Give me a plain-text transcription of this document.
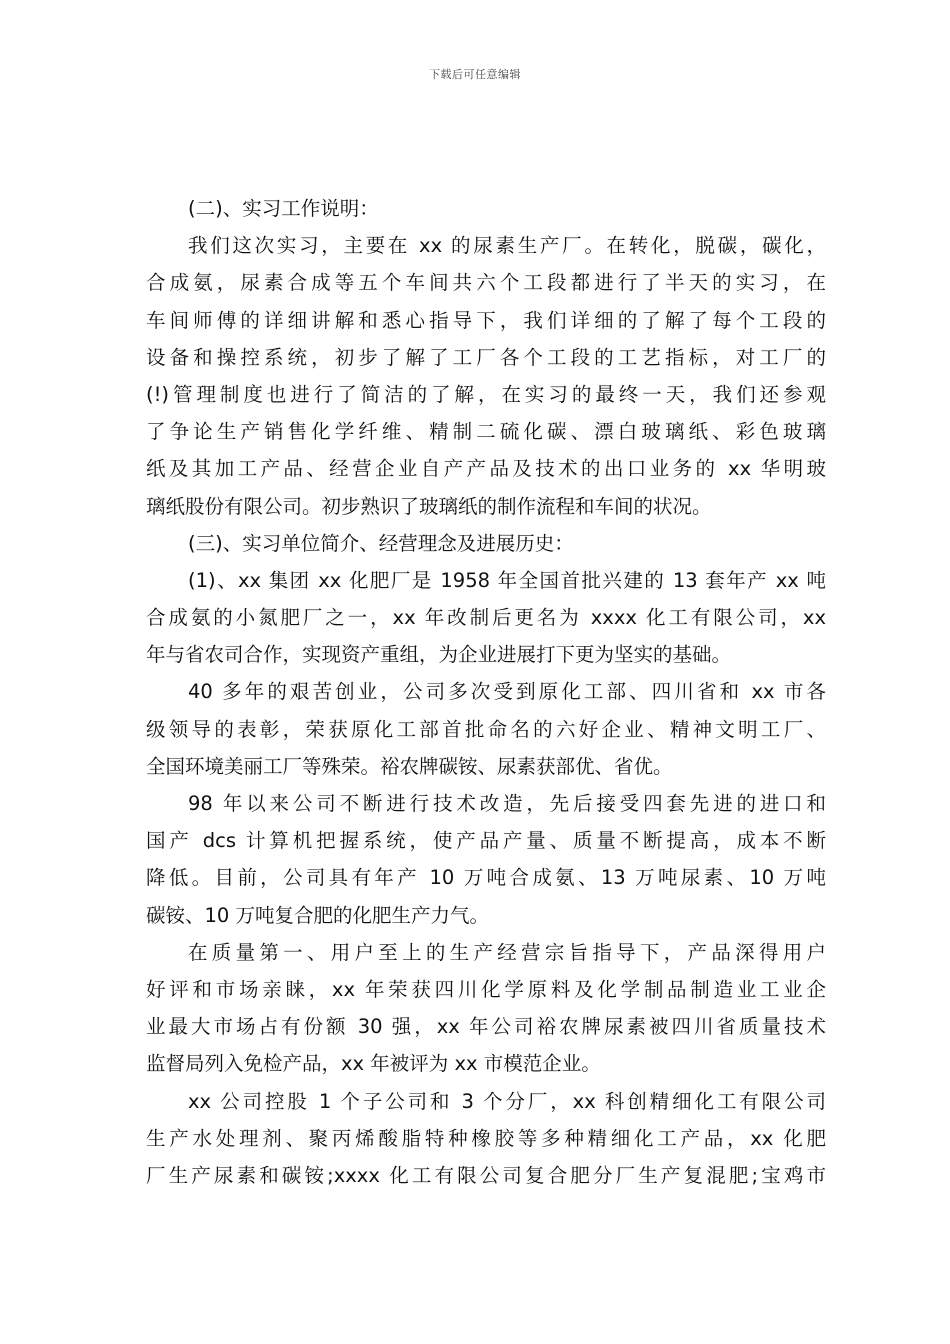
下载后可任意编辑
(二)、实习工作说明：
我们这次实习，主要在 xx 的尿素生产厂。在转化，脱碳，碳化，
合成氨，尿素合成等五个车间共六个工段都进行了半天的实习，在
车间师傅的详细讲解和悉心指导下，我们详细的了解了每个工段的
设备和操控系统，初步了解了工厂各个工段的工艺指标，对工厂的
(!)管理制度也进行了简洁的了解，在实习的最终一天，我们还参观
了争论生产销售化学纤维、精制二硫化碳、漂白玻璃纸、彩色玻璃
纸及其加工产品、经营企业自产产品及技术的出口业务的 xx 华明玻
璃纸股份有限公司。初步熟识了玻璃纸的制作流程和车间的状况。
(三)、实习单位简介、经营理念及进展历史：
(1)、xx 集团 xx 化肥厂是 1958 年全国首批兴建的 13 套年产 xx 吨
合成氨的小氮肥厂之一，xx 年改制后更名为 xxxx 化工有限公司，xx
年与省农司合作，实现资产重组，为企业进展打下更为坚实的基础。
40 多年的艰苦创业，公司多次受到原化工部、四川省和 xx 市各
级领导的表彰，荣获原化工部首批命名的六好企业、精神文明工厂、
全国环境美丽工厂等殊荣。裕农牌碳铵、尿素获部优、省优。
98 年以来公司不断进行技术改造，先后接受四套先进的进口和
国产 dcs 计算机把握系统，使产品产量、质量不断提高，成本不断
降低。目前，公司具有年产 10 万吨合成氨、13 万吨尿素、10 万吨
碳铵、10 万吨复合肥的化肥生产力气。
在质量第一、用户至上的生产经营宗旨指导下，产品深得用户
好评和市场亲睐，xx 年荣获四川化学原料及化学制品制造业工业企
业最大市场占有份额 30 强，xx 年公司裕农牌尿素被四川省质量技术
监督局列入免检产品，xx 年被评为 xx 市模范企业。
xx 公司控股 1 个子公司和 3 个分厂，xx 科创精细化工有限公司
生产水处理剂、聚丙烯酸脂特种橡胶等多种精细化工产品，xx 化肥
厂生产尿素和碳铵;xxxx 化工有限公司复合肥分厂生产复混肥;宝鸡市
